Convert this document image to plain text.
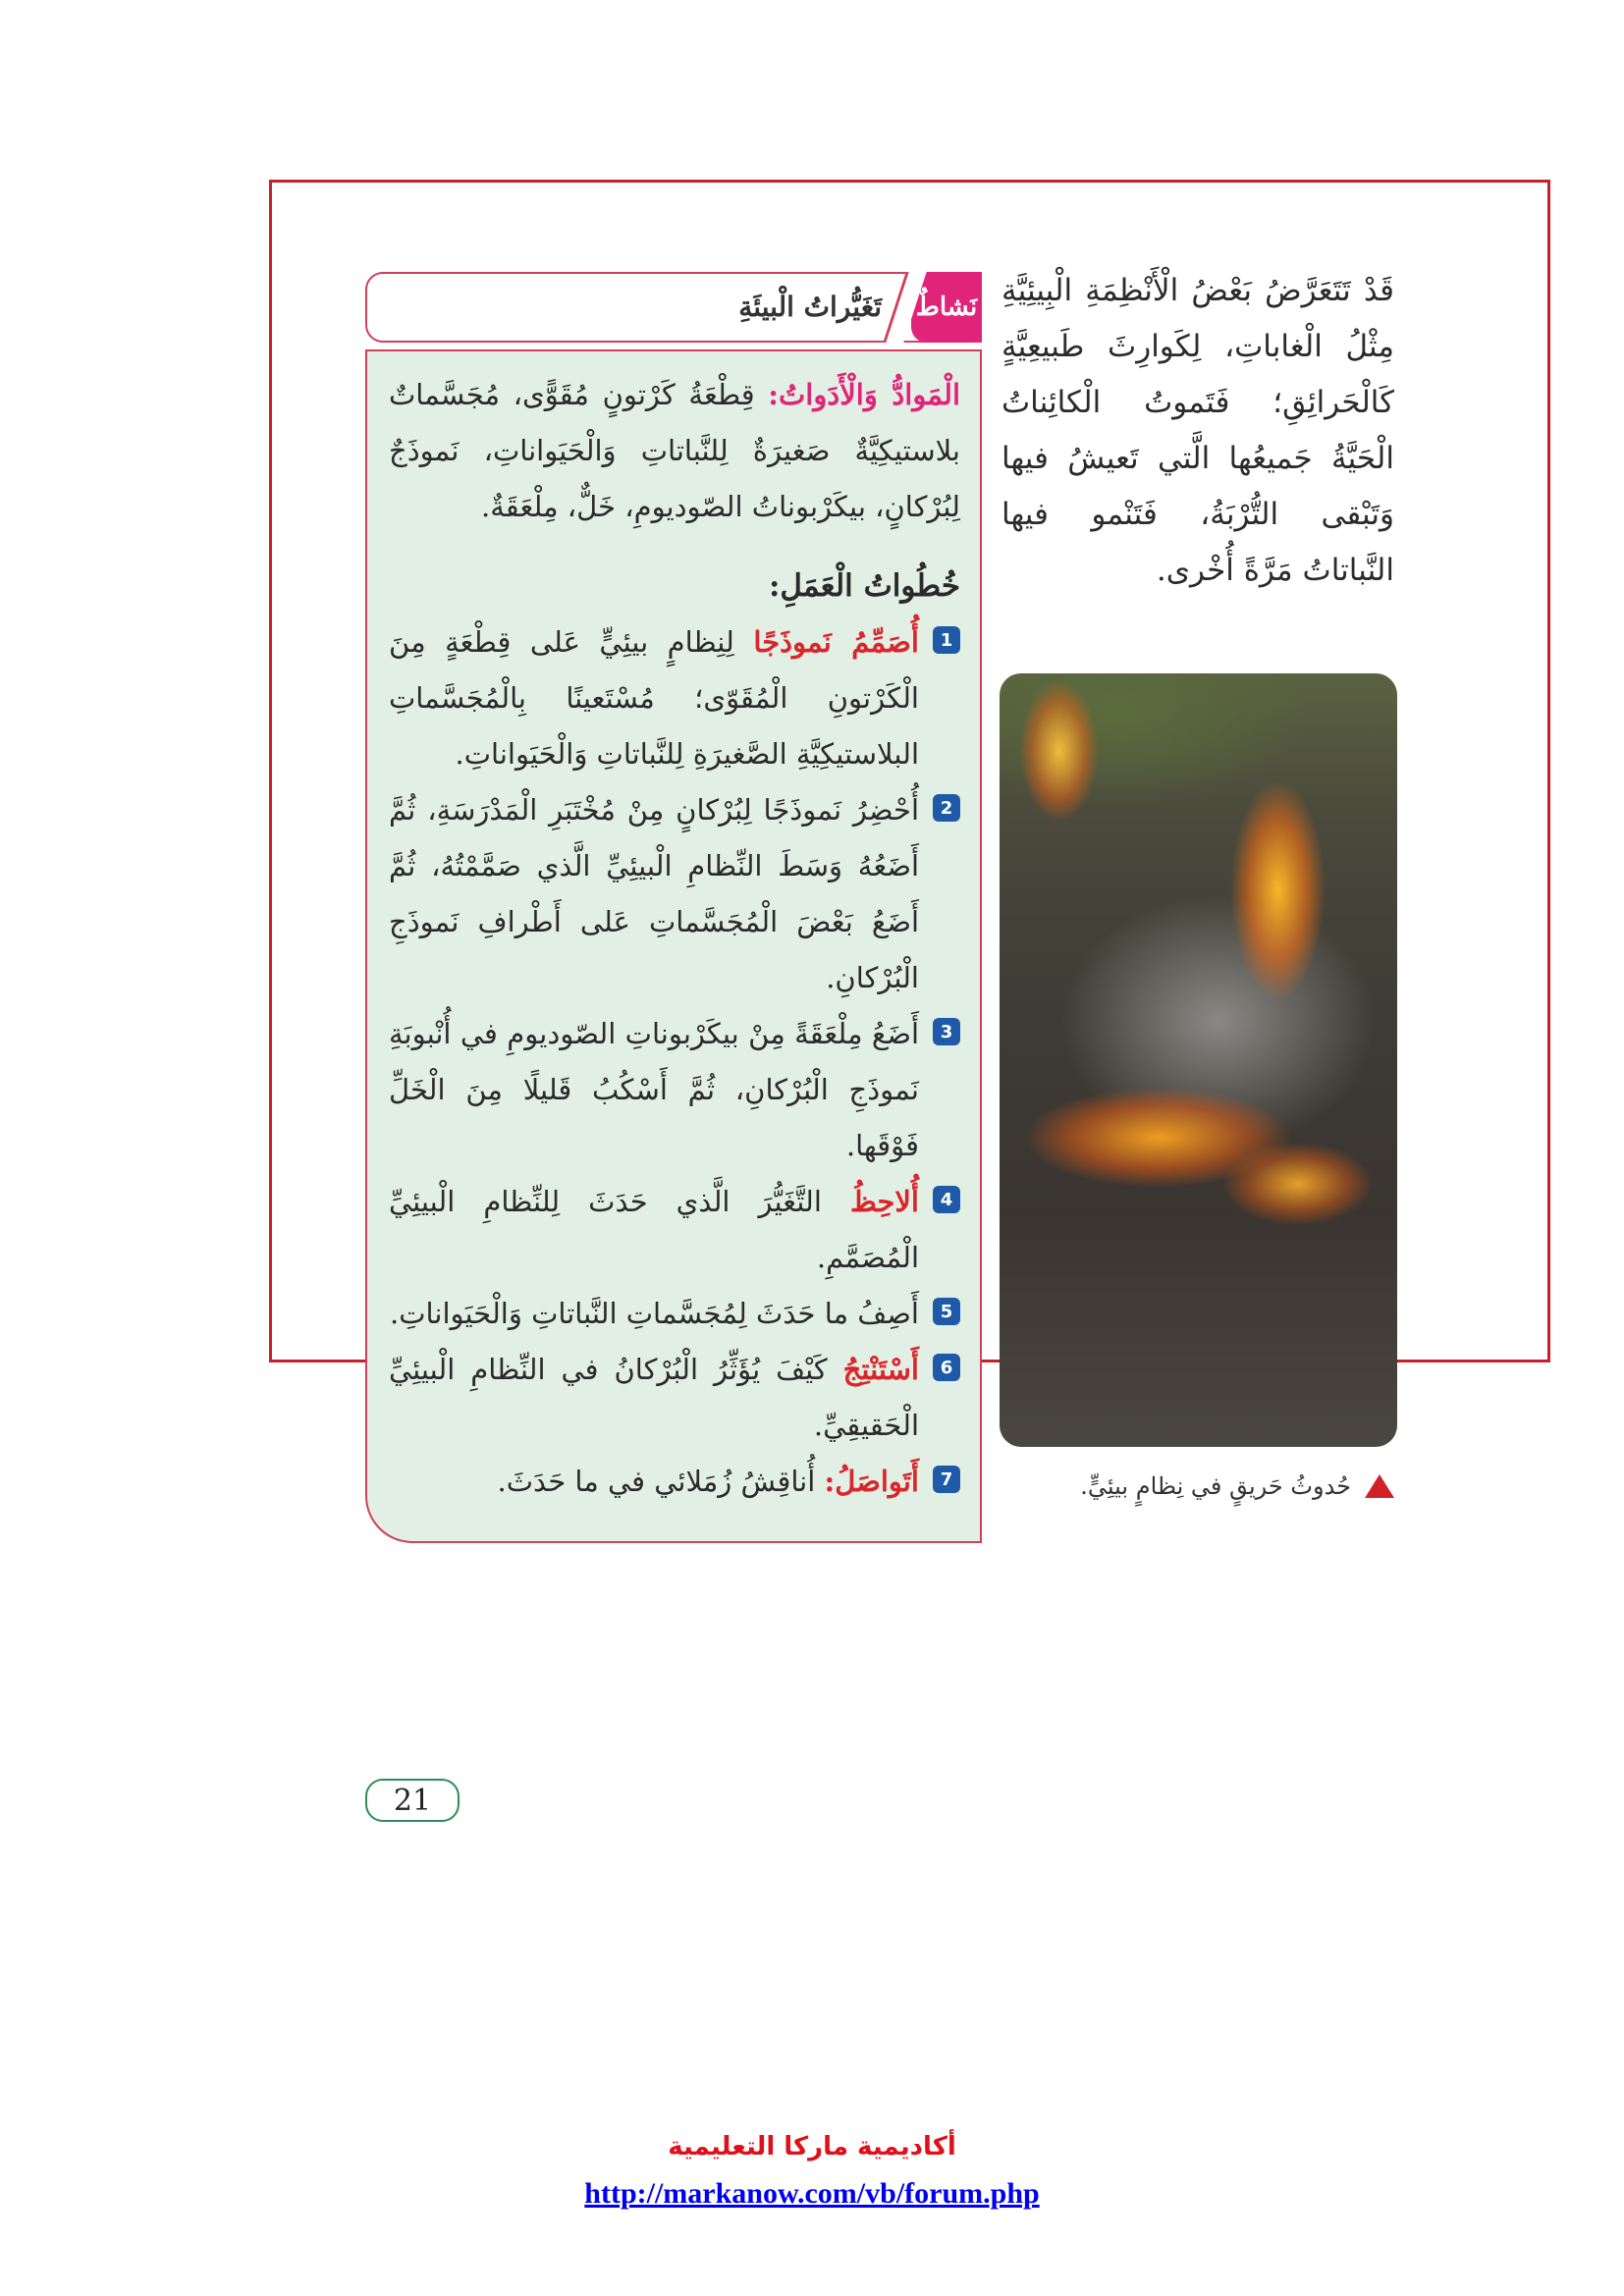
قَدْ تَتَعَرَّضُ بَعْضُ الْأَنْظِمَةِ الْبِيئِيَّةِ مِثْلُ الْغاباتِ، لِكَوارِثَ طَبيعِيَّةٍ كَالْحَرائِقِ؛ فَتَموتُ الْكائِناتُ الْحَيَّةُ جَميعُها الَّتي تَعيشُ فيها وَتَبْقى التُّرْبَةُ، فَتَنْمو فيها النَّباتاتُ مَرَّةً أُخْرى.

حُدوثُ حَريقٍ في نِظامٍ بيئِيٍّ.
نَشاطٌ
تَغَيُّراتُ الْبيئَةِ

الْمَوادُّ وَالْأَدَواتُ: قِطْعَةُ كَرْتونٍ مُقَوًّى، مُجَسَّماتٌ بلاستيكِيَّةٌ صَغيرَةٌ لِلنَّباتاتِ وَالْحَيَواناتِ، نَموذَجٌ لِبُرْكانٍ، بيكَرْبوناتُ الصّوديومِ، خَلٌّ، مِلْعَقَةٌ.

خُطُواتُ الْعَمَلِ:

1
أُصَمِّمُ نَموذَجًا لِنِظامٍ بيئِيٍّ عَلى قِطْعَةٍ مِنَ الْكَرْتونِ الْمُقَوّى؛ مُسْتَعينًا بِالْمُجَسَّماتِ البلاستيكِيَّةِ الصَّغيرَةِ لِلنَّباتاتِ وَالْحَيَواناتِ.

2
أُحْضِرُ نَموذَجًا لِبُرْكانٍ مِنْ مُخْتَبَرِ الْمَدْرَسَةِ، ثُمَّ أَضَعُهُ وَسَطَ النِّظامِ الْبيئِيِّ الَّذي صَمَّمْتُهُ، ثُمَّ أَضَعُ بَعْضَ الْمُجَسَّماتِ عَلى أَطْرافِ نَموذَجِ الْبُرْكانِ.

3
أَضَعُ مِلْعَقَةً مِنْ بيكَرْبوناتِ الصّوديومِ في أُنْبوبَةِ نَموذَجِ الْبُرْكانِ، ثُمَّ أَسْكُبُ قَليلًا مِنَ الْخَلِّ فَوْقَها.

4
أُلاحِظُ التَّغَيُّرَ الَّذي حَدَثَ لِلنِّظامِ الْبيئِيِّ الْمُصَمَّمِ.

5
أَصِفُ ما حَدَثَ لِمُجَسَّماتِ النَّباتاتِ وَالْحَيَواناتِ.

6
أَسْتَنْتِجُ كَيْفَ يُؤَثِّرُ الْبُرْكانُ في النِّظامِ الْبيئِيِّ الْحَقيقِيِّ.

7
أَتَواصَلُ: أُناقِشُ زُمَلائي في ما حَدَثَ.

21
أكاديمية ماركا التعليمية
http://markanow.com/vb/forum.php
